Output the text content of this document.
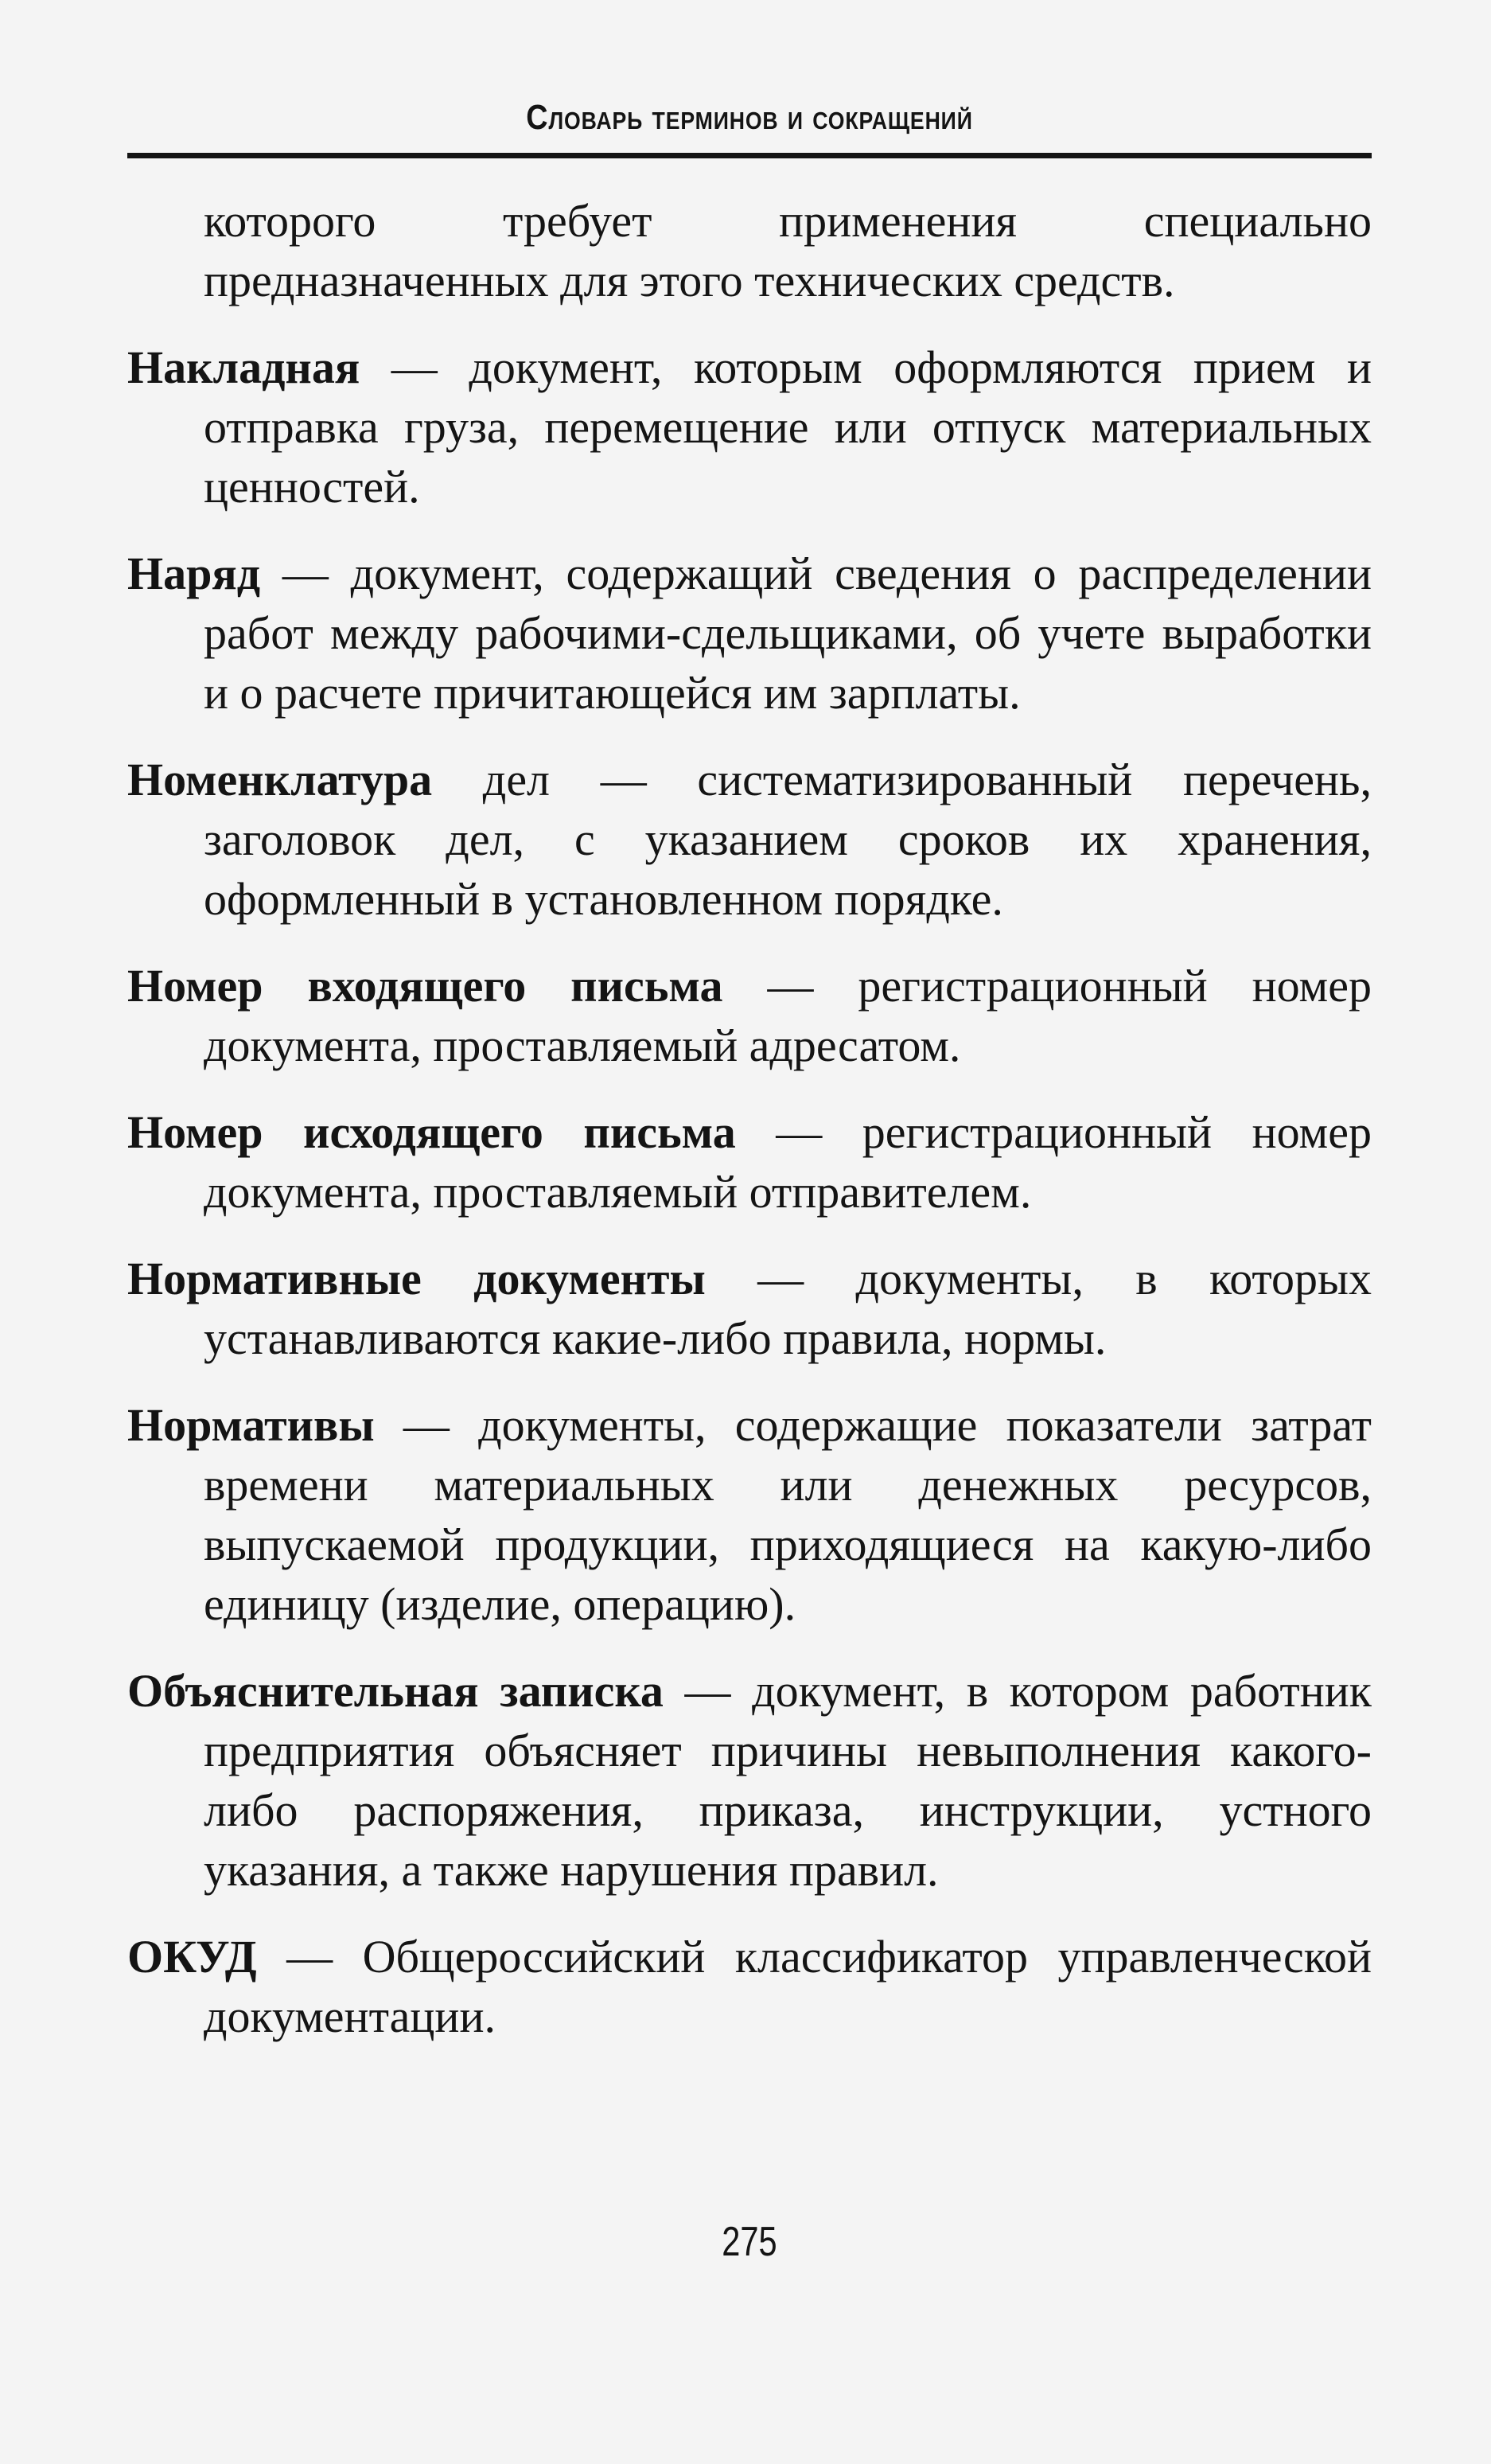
Словарь терминов и сокращений

которого требует применения специально предназначенных для этого технических средств.

Накладная — документ, которым оформляются прием и отправка груза, перемещение или отпуск материальных ценностей.

Наряд — документ, содержащий сведения о распределении работ между рабочими-сдельщиками, об учете выработки и о расчете причитающейся им зарплаты.

Номенклатура дел — систематизированный перечень, заголовок дел, с указанием сроков их хранения, оформленный в установленном порядке.

Номер входящего письма — регистрационный номер документа, проставляемый адресатом.

Номер исходящего письма — регистрационный номер документа, проставляемый отправителем.

Нормативные документы — документы, в которых устанавливаются какие-либо правила, нормы.

Нормативы — документы, содержащие показатели затрат времени материальных или денежных ресурсов, выпускаемой продукции, приходящиеся на какую-либо единицу (изделие, операцию).

Объяснительная записка — документ, в котором работник предприятия объясняет причины невыполнения какого-либо распоряжения, приказа, инструкции, устного указания, а также нарушения правил.

ОКУД — Общероссийский классификатор управленческой документации.

275
